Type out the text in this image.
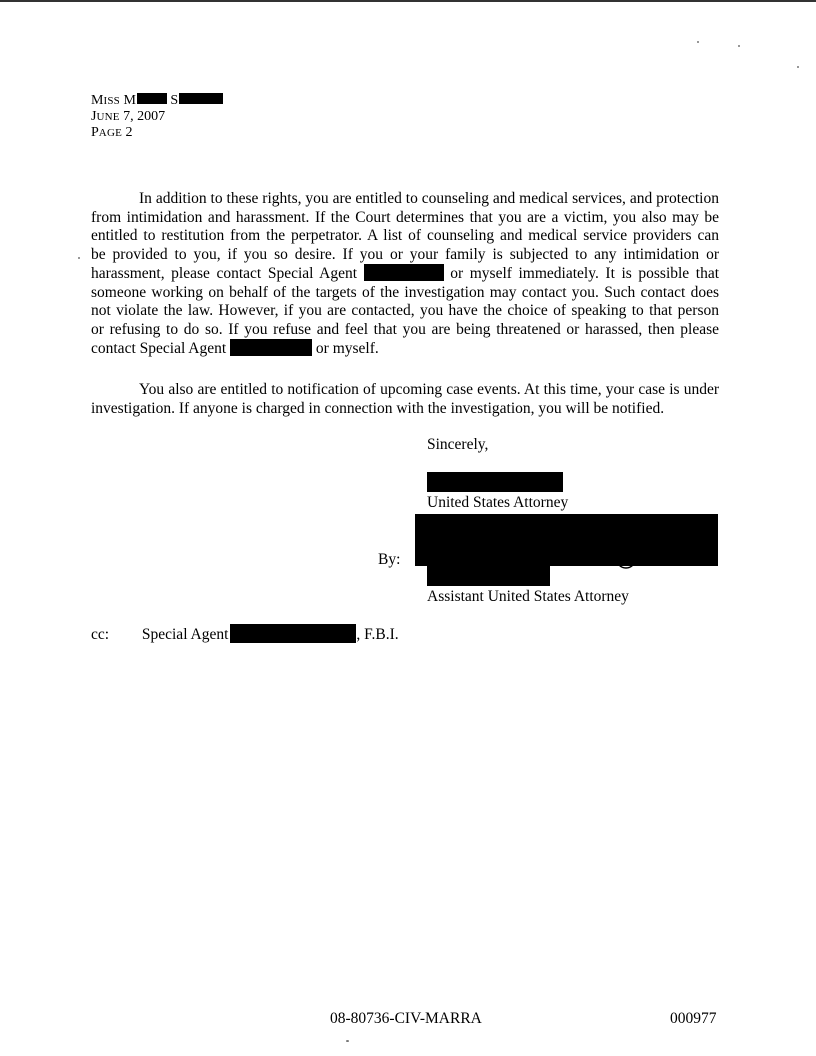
MISS M S
JUNE 7, 2007
PAGE 2

In addition to these rights, you are entitled to counseling and medical services, and protection

from intimidation and harassment. If the Court determines that you are a victim, you also may be
entitled to restitution from the perpetrator. A list of counseling and medical service providers can
be provided to you, if you so desire. If you or your family is subjected to any intimidation or
harassment, please contact Special Agent	or myself immediately. It is possible that
someone working on behalf of the targets of the investigation may contact you. Such contact does
not violate the law. However, if you are contacted, you have the choice of speaking to that person
or refusing to do so. If you refuse and feel that you are being threatened or harassed, then please
contact Special Agent	or myself.

You also are entitled to notification of upcoming case events. At this time, your case is under

investigation. If anyone is charged in connection with the investigation, you will be notified.
Sincerely,
United States Attorney
By:
Assistant United States Attorney
cc: Special Agent	, F.B.I.
08-80736-CIV-MARRA	000977
